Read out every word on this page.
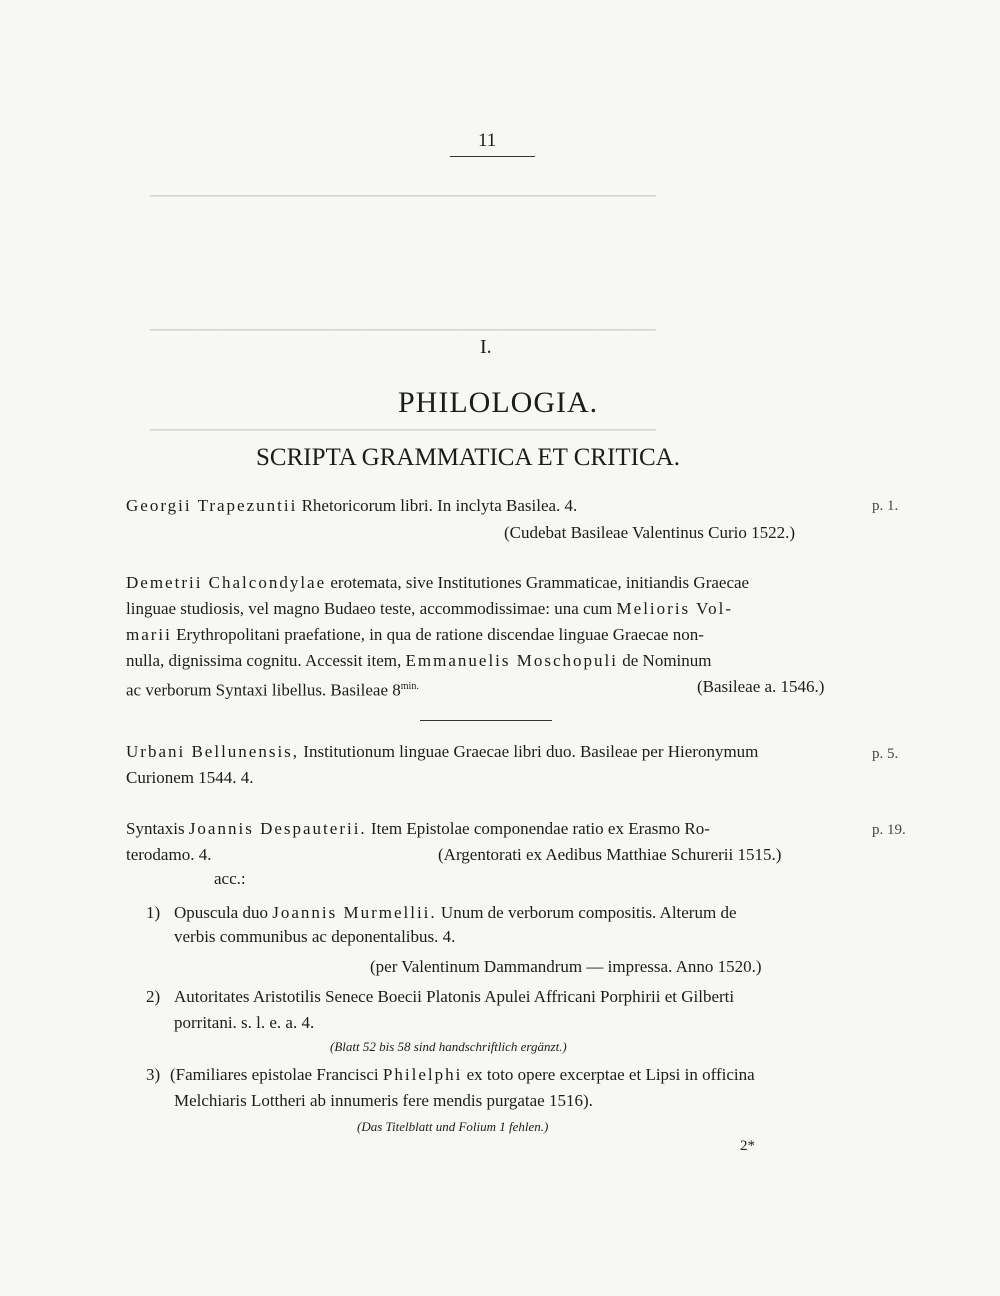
──────────────────────────────────────────
──────────────────────────────────────────
──────────────────────────────────────────
11
I.
PHILOLOGIA.
SCRIPTA GRAMMATICA ET CRITICA.
Georgii Trapezuntii Rhetoricorum libri. In inclyta Basilea. 4.	p. 1.
(Cudebat Basileae Valentinus Curio 1522.)
Demetrii Chalcondylae erotemata, sive Institutiones Grammaticae, initiandis Graecae
linguae studiosis, vel magno Budaeo teste, accommodissimae: una cum Melioris Vol-
marii Erythropolitani praefatione, in qua de ratione discendae linguae Graecae non-
nulla, dignissima cognitu. Accessit item, Emmanuelis Moschopuli de Nominum
ac verborum Syntaxi libellus. Basileae $8^{min.}$	(Basileae a. 1546.)
Urbani Bellunensis, Institutionum linguae Graecae libri duo. Basileae per Hieronymum	p. 5.
Curionem 1544. 4.
Syntaxis Joannis Despauterii. Item Epistolae componendae ratio ex Erasmo Ro-	p. 19.
terodamo. 4.	(Argentorati ex Aedibus Matthiae Schurerii 1515.)
acc.:
1) Opuscula duo Joannis Murmellii. Unum de verborum compositis. Alterum de
verbis communibus ac deponentalibus. 4.
(per Valentinum Dammandrum — impressa. Anno 1520.)
2) Autoritates Aristotilis Senece Boecii Platonis Apulei Affricani Porphirii et Gilberti
porritani. s. l. e. a. 4.
(Blatt 52 bis 58 sind handschriftlich ergänzt.)
3) (Familiares epistolae Francisci Philelphi ex toto opere excerptae et Lipsi in officina
Melchiaris Lottheri ab innumeris fere mendis purgatae 1516).
(Das Titelblatt und Folium 1 fehlen.)
2*
